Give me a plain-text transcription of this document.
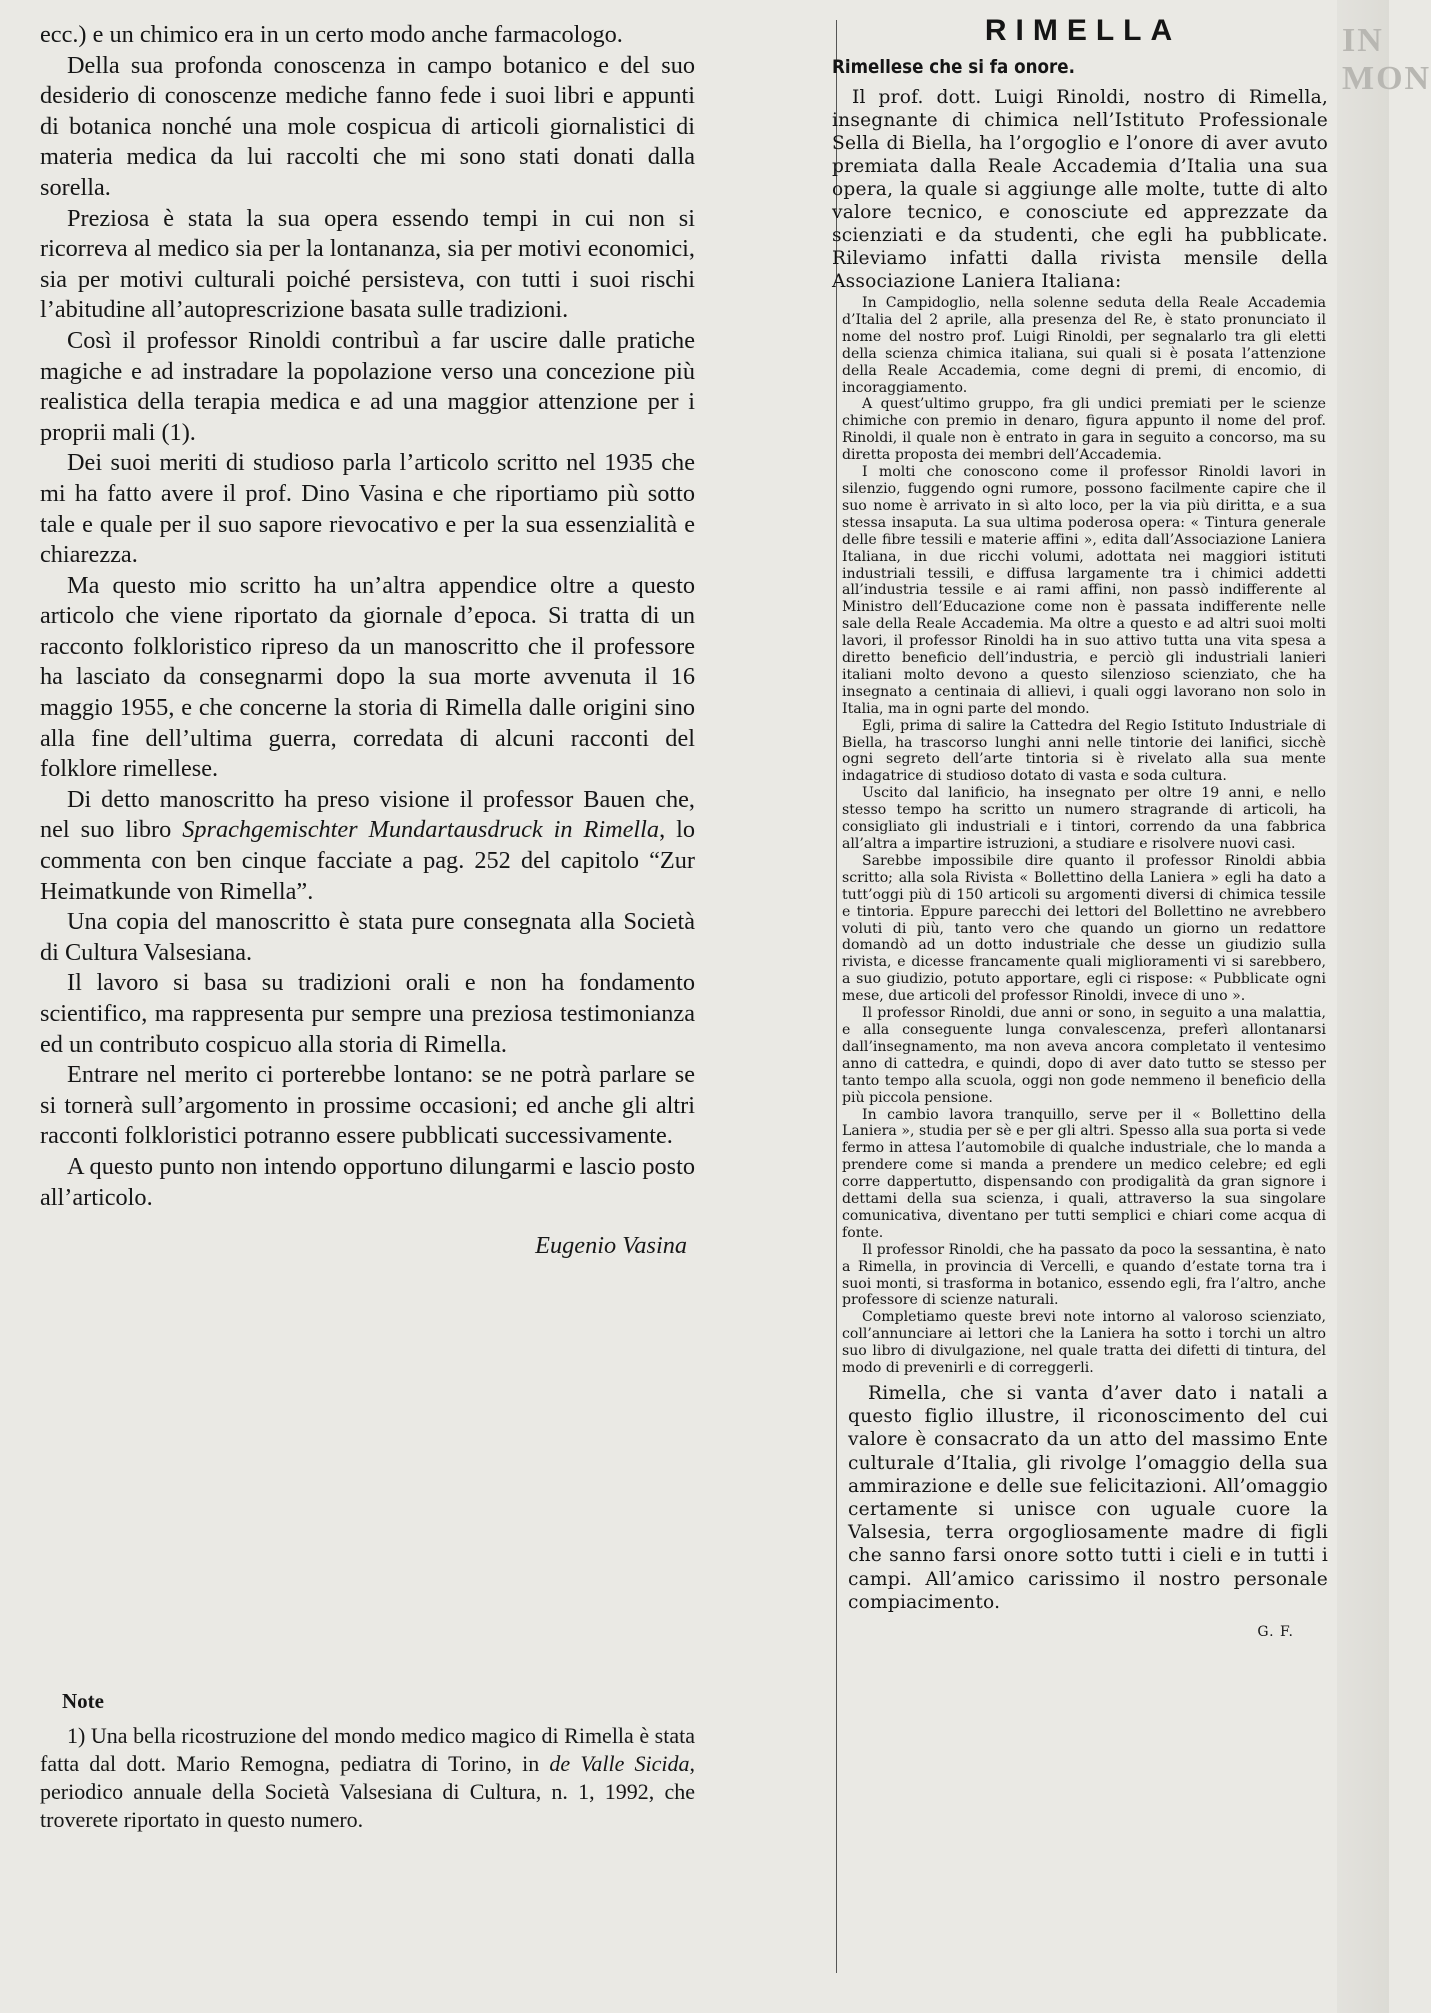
ecc.) e un chimico era in un certo modo anche farmacologo.

Della sua profonda conoscenza in campo botanico e del suo desiderio di conoscenze mediche fanno fede i suoi libri e appunti di botanica nonché una mole cospicua di articoli giornalistici di materia medica da lui raccolti che mi sono stati donati dalla sorella.

Preziosa è stata la sua opera essendo tempi in cui non si ricorreva al medico sia per la lontananza, sia per motivi economici, sia per motivi culturali poiché persisteva, con tutti i suoi rischi l’abitudine all’autoprescrizione basata sulle tradizioni.

Così il professor Rinoldi contribuì a far uscire dalle pratiche magiche e ad instradare la popolazione verso una concezione più realistica della terapia medica e ad una maggior attenzione per i proprii mali (1).

Dei suoi meriti di studioso parla l’articolo scritto nel 1935 che mi ha fatto avere il prof. Dino Vasina e che riportiamo più sotto tale e quale per il suo sapore rievocativo e per la sua essenzialità e chiarezza.

Ma questo mio scritto ha un’altra appendice oltre a questo articolo che viene riportato da giornale d’epoca. Si tratta di un racconto folkloristico ripreso da un manoscritto che il professore ha lasciato da consegnarmi dopo la sua morte avvenuta il 16 maggio 1955, e che concerne la storia di Rimella dalle origini sino alla fine dell’ultima guerra, corredata di alcuni racconti del folklore rimellese.

Di detto manoscritto ha preso visione il professor Bauen che, nel suo libro Sprachgemischter Mundartausdruck in Rimella, lo commenta con ben cinque facciate a pag. 252 del capitolo “Zur Heimatkunde von Rimella”.

Una copia del manoscritto è stata pure consegnata alla Società di Cultura Valsesiana.

Il lavoro si basa su tradizioni orali e non ha fondamento scientifico, ma rappresenta pur sempre una preziosa testimonianza ed un contributo cospicuo alla storia di Rimella.

Entrare nel merito ci porterebbe lontano: se ne potrà parlare se si tornerà sull’argomento in prossime occasioni; ed anche gli altri racconti folkloristici potranno essere pubblicati successivamente.

A questo punto non intendo opportuno dilungarmi e lascio posto all’articolo.

Eugenio Vasina

Note

1) Una bella ricostruzione del mondo medico magico di Rimella è stata fatta dal dott. Mario Remogna, pediatra di Torino, in de Valle Sicida, periodico annuale della Società Valsesiana di Cultura, n. 1, 1992, che troverete riportato in questo numero.

RIMELLA
Rimellese che si fa onore.
Il prof. dott. Luigi Rinoldi, nostro di Rimella, insegnante di chimica nell’Istituto Professionale Sella di Biella, ha l’orgoglio e l’onore di aver avuto premiata dalla Reale Accademia d’Italia una sua opera, la quale si aggiunge alle molte, tutte di alto valore tecnico, e conosciute ed apprezzate da scienziati e da studenti, che egli ha pubblicate. Rileviamo infatti dalla rivista mensile della Associazione Laniera Italiana:

In Campidoglio, nella solenne seduta della Reale Accademia d’Italia del 2 aprile, alla presenza del Re, è stato pronunciato il nome del nostro prof. Luigi Rinoldi, per segnalarlo tra gli eletti della scienza chimica italiana, sui quali si è posata l’attenzione della Reale Accademia, come degni di premi, di encomio, di incoraggiamento.

A quest’ultimo gruppo, fra gli undici premiati per le scienze chimiche con premio in denaro, figura appunto il nome del prof. Rinoldi, il quale non è entrato in gara in seguito a concorso, ma su diretta proposta dei membri dell’Accademia.

I molti che conoscono come il professor Rinoldi lavori in silenzio, fuggendo ogni rumore, possono facilmente capire che il suo nome è arrivato in sì alto loco, per la via più diritta, e a sua stessa insaputa. La sua ultima poderosa opera: « Tintura generale delle fibre tessili e materie affini », edita dall’Associazione Laniera Italiana, in due ricchi volumi, adottata nei maggiori istituti industriali tessili, e diffusa largamente tra i chimici addetti all’industria tessile e ai rami affini, non passò indifferente al Ministro dell’Educazione come non è passata indifferente nelle sale della Reale Accademia. Ma oltre a questo e ad altri suoi molti lavori, il professor Rinoldi ha in suo attivo tutta una vita spesa a diretto beneficio dell’industria, e perciò gli industriali lanieri italiani molto devono a questo silenzioso scienziato, che ha insegnato a centinaia di allievi, i quali oggi lavorano non solo in Italia, ma in ogni parte del mondo.

Egli, prima di salire la Cattedra del Regio Istituto Industriale di Biella, ha trascorso lunghi anni nelle tintorie dei lanifici, sicchè ogni segreto dell’arte tintoria si è rivelato alla sua mente indagatrice di studioso dotato di vasta e soda cultura.

Uscito dal lanificio, ha insegnato per oltre 19 anni, e nello stesso tempo ha scritto un numero stragrande di articoli, ha consigliato gli industriali e i tintori, correndo da una fabbrica all’altra a impartire istruzioni, a studiare e risolvere nuovi casi.

Sarebbe impossibile dire quanto il professor Rinoldi abbia scritto; alla sola Rivista « Bollettino della Laniera » egli ha dato a tutt’oggi più di 150 articoli su argomenti diversi di chimica tessile e tintoria. Eppure parecchi dei lettori del Bollettino ne avrebbero voluti di più, tanto vero che quando un giorno un redattore domandò ad un dotto industriale che desse un giudizio sulla rivista, e dicesse francamente quali miglioramenti vi si sarebbero, a suo giudizio, potuto apportare, egli ci rispose: « Pubblicate ogni mese, due articoli del professor Rinoldi, invece di uno ».

Il professor Rinoldi, due anni or sono, in seguito a una malattia, e alla conseguente lunga convalescenza, preferì allontanarsi dall’insegnamento, ma non aveva ancora completato il ventesimo anno di cattedra, e quindi, dopo di aver dato tutto se stesso per tanto tempo alla scuola, oggi non gode nemmeno il beneficio della più piccola pensione.

In cambio lavora tranquillo, serve per il « Bollettino della Laniera », studia per sè e per gli altri. Spesso alla sua porta si vede fermo in attesa l’automobile di qualche industriale, che lo manda a prendere come si manda a prendere un medico celebre; ed egli corre dappertutto, dispensando con prodigalità da gran signore i dettami della sua scienza, i quali, attraverso la sua singolare comunicativa, diventano per tutti semplici e chiari come acqua di fonte.

Il professor Rinoldi, che ha passato da poco la sessantina, è nato a Rimella, in provincia di Vercelli, e quando d’estate torna tra i suoi monti, si trasforma in botanico, essendo egli, fra l’altro, anche professore di scienze naturali.

Completiamo queste brevi note intorno al valoroso scienziato, coll’annunciare ai lettori che la Laniera ha sotto i torchi un altro suo libro di divulgazione, nel quale tratta dei difetti di tintura, del modo di prevenirli e di correggerli.

Rimella, che si vanta d’aver dato i natali a questo figlio illustre, il riconoscimento del cui valore è consacrato da un atto del massimo Ente culturale d’Italia, gli rivolge l’omaggio della sua ammirazione e delle sue felicitazioni. All’omaggio certamente si unisce con uguale cuore la Valsesia, terra orgogliosamente madre di figli che sanno farsi onore sotto tutti i cieli e in tutti i campi. All’amico carissimo il nostro personale compiacimento.
G. F.
IN MON
